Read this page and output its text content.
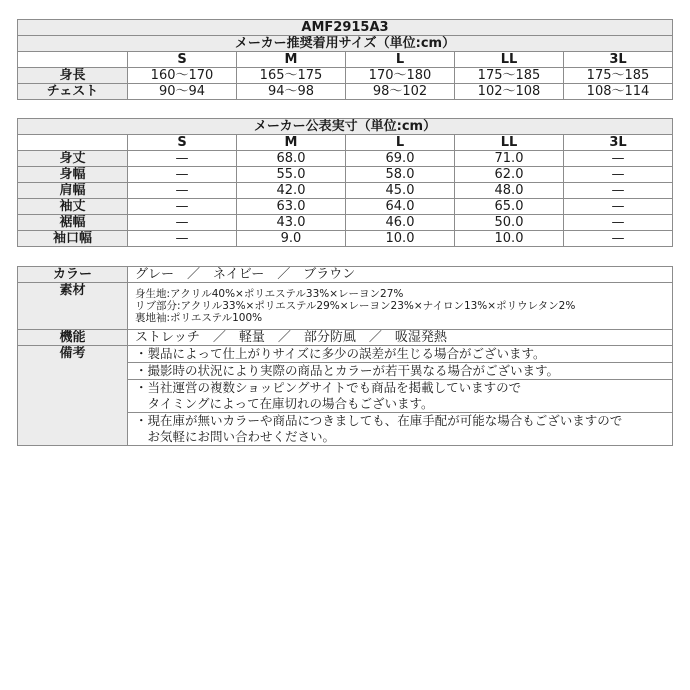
AMF2915A3					
メーカー推奨着用サイズ（単位:cm）					
	S	M	L	LL	3L
身長	160～170	165～175	170～180	175～185	175～185
チェスト	90～94	94～98	98～102	102～108	108～114
メーカー公表実寸（単位:cm）					
	S	M	L	LL	3L
身丈	—	68.0	69.0	71.0	—
身幅	—	55.0	58.0	62.0	—
肩幅	—	42.0	45.0	48.0	—
袖丈	—	63.0	64.0	65.0	—
裾幅	—	43.0	46.0	50.0	—
袖口幅	—	9.0	10.0	10.0	—
カラー	グレー　／　ネイビー　／　ブラウン
素材	身生地:アクリル40%×ポリエステル33%×レーヨン27%
リブ部分:アクリル33%×ポリエステル29%×レーヨン23%×ナイロン13%×ポリウレタン2%
裏地袖:ポリエステル100%

機能	ストレッチ　／　軽量　／　部分防風　／　吸湿発熱
備考	・製品によって仕上がりサイズに多少の誤差が生じる場合がございます。

	・撮影時の状況により実際の商品とカラーが若干異なる場合がございます。

	・当社運営の複数ショッピングサイトでも商品を掲載していますので
　タイミングによって在庫切れの場合もございます。

	・現在庫が無いカラーや商品につきましても、在庫手配が可能な場合もございますので
　お気軽にお問い合わせください。
